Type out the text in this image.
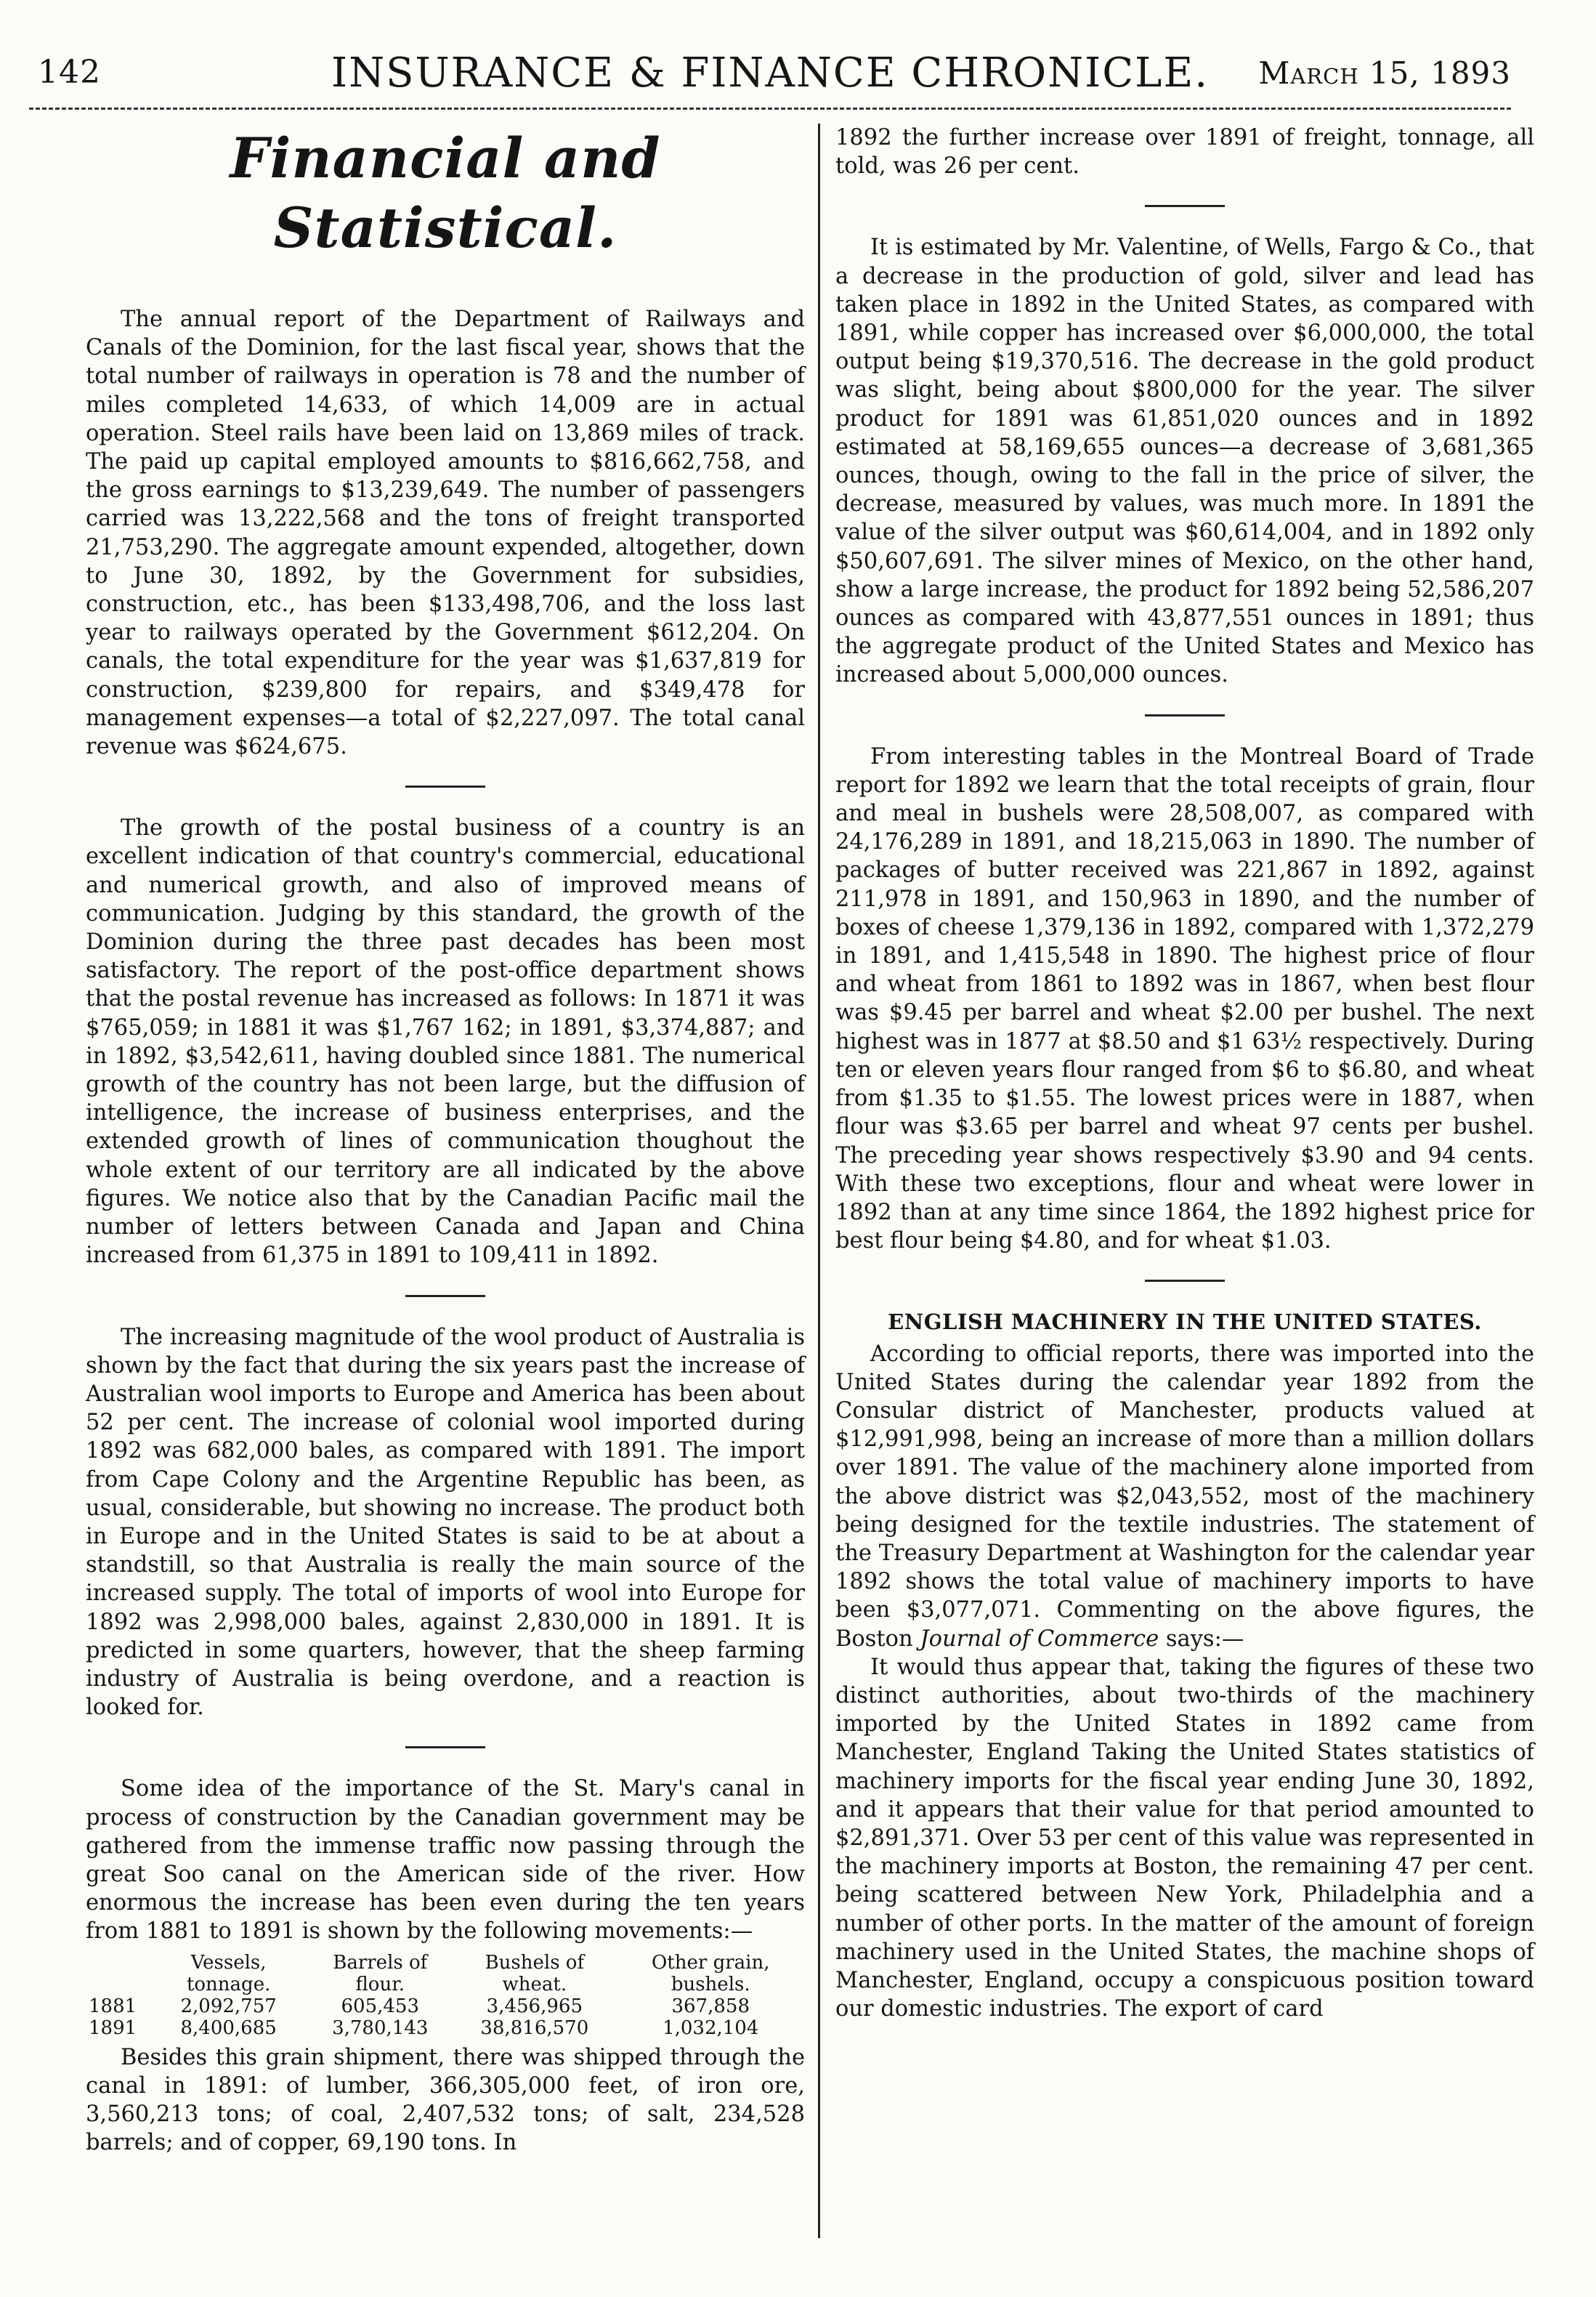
142	INSURANCE & FINANCE CHRONICLE.	March 15, 1893
Financial and Statistical.

The annual report of the Department of Railways and Canals of the Dominion, for the last fiscal year, shows that the total number of railways in operation is 78 and the number of miles completed 14,633, of which 14,009 are in actual operation. Steel rails have been laid on 13,869 miles of track. The paid up capital employed amounts to $816,662,758, and the gross earnings to $13,239,649. The number of passengers carried was 13,222,568 and the tons of freight transported 21,753,290. The aggregate amount expended, altogether, down to June 30, 1892, by the Government for subsidies, construction, etc., has been $133,498,706, and the loss last year to railways operated by the Government $612,204. On canals, the total expenditure for the year was $1,637,819 for construction, $239,800 for repairs, and $349,478 for management expenses—a total of $2,227,097. The total canal revenue was $624,675.

The growth of the postal business of a country is an excellent indication of that country's commercial, educational and numerical growth, and also of improved means of communication. Judging by this standard, the growth of the Dominion during the three past decades has been most satisfactory. The report of the post-office department shows that the postal revenue has increased as follows: In 1871 it was $765,059; in 1881 it was $1,767 162; in 1891, $3,374,887; and in 1892, $3,542,611, having doubled since 1881. The numerical growth of the country has not been large, but the diffusion of intelligence, the increase of business enterprises, and the extended growth of lines of communication thoughout the whole extent of our territory are all indicated by the above figures. We notice also that by the Canadian Pacific mail the number of letters between Canada and Japan and China increased from 61,375 in 1891 to 109,411 in 1892.

The increasing magnitude of the wool product of Australia is shown by the fact that during the six years past the increase of Australian wool imports to Europe and America has been about 52 per cent. The increase of colonial wool imported during 1892 was 682,000 bales, as compared with 1891. The import from Cape Colony and the Argentine Republic has been, as usual, considerable, but showing no increase. The product both in Europe and in the United States is said to be at about a standstill, so that Australia is really the main source of the increased supply. The total of imports of wool into Europe for 1892 was 2,998,000 bales, against 2,830,000 in 1891. It is predicted in some quarters, however, that the sheep farming industry of Australia is being overdone, and a reaction is looked for.

Some idea of the importance of the St. Mary's canal in process of construction by the Canadian government may be gathered from the immense traffic now passing through the great Soo canal on the American side of the river. How enormous the increase has been even during the ten years from 1881 to 1891 is shown by the following movements:—

	Vessels, tonnage.	Barrels of flour.	Bushels of wheat.	Other grain, bushels.
1881	2,092,757	605,453	3,456,965	367,858
1891	8,400,685	3,780,143	38,816,570	1,032,104

Besides this grain shipment, there was shipped through the canal in 1891: of lumber, 366,305,000 feet, of iron ore, 3,560,213 tons; of coal, 2,407,532 tons; of salt, 234,528 barrels; and of copper, 69,190 tons. In

1892 the further increase over 1891 of freight, tonnage, all told, was 26 per cent.

It is estimated by Mr. Valentine, of Wells, Fargo & Co., that a decrease in the production of gold, silver and lead has taken place in 1892 in the United States, as compared with 1891, while copper has increased over $6,000,000, the total output being $19,370,516. The decrease in the gold product was slight, being about $800,000 for the year. The silver product for 1891 was 61,851,020 ounces and in 1892 estimated at 58,169,655 ounces—a decrease of 3,681,365 ounces, though, owing to the fall in the price of silver, the decrease, measured by values, was much more. In 1891 the value of the silver output was $60,614,004, and in 1892 only $50,607,691. The silver mines of Mexico, on the other hand, show a large increase, the product for 1892 being 52,586,207 ounces as compared with 43,877,551 ounces in 1891; thus the aggregate product of the United States and Mexico has increased about 5,000,000 ounces.

From interesting tables in the Montreal Board of Trade report for 1892 we learn that the total receipts of grain, flour and meal in bushels were 28,508,007, as compared with 24,176,289 in 1891, and 18,215,063 in 1890. The number of packages of butter received was 221,867 in 1892, against 211,978 in 1891, and 150,963 in 1890, and the number of boxes of cheese 1,379,136 in 1892, compared with 1,372,279 in 1891, and 1,415,548 in 1890. The highest price of flour and wheat from 1861 to 1892 was in 1867, when best flour was $9.45 per barrel and wheat $2.00 per bushel. The next highest was in 1877 at $8.50 and $1 63½ respectively. During ten or eleven years flour ranged from $6 to $6.80, and wheat from $1.35 to $1.55. The lowest prices were in 1887, when flour was $3.65 per barrel and wheat 97 cents per bushel. The preceding year shows respectively $3.90 and 94 cents. With these two exceptions, flour and wheat were lower in 1892 than at any time since 1864, the 1892 highest price for best flour being $4.80, and for wheat $1.03.

ENGLISH MACHINERY IN THE UNITED STATES.

According to official reports, there was imported into the United States during the calendar year 1892 from the Consular district of Manchester, products valued at $12,991,998, being an increase of more than a million dollars over 1891. The value of the machinery alone imported from the above district was $2,043,552, most of the machinery being designed for the textile industries. The statement of the Treasury Department at Washington for the calendar year 1892 shows the total value of machinery imports to have been $3,077,071. Commenting on the above figures, the Boston Journal of Commerce says:—

It would thus appear that, taking the figures of these two distinct authorities, about two-thirds of the machinery imported by the United States in 1892 came from Manchester, England Taking the United States statistics of machinery imports for the fiscal year ending June 30, 1892, and it appears that their value for that period amounted to $2,891,371. Over 53 per cent of this value was represented in the machinery imports at Boston, the remaining 47 per cent. being scattered between New York, Philadelphia and a number of other ports. In the matter of the amount of foreign machinery used in the United States, the machine shops of Manchester, England, occupy a conspicuous position toward our domestic industries. The export of card
